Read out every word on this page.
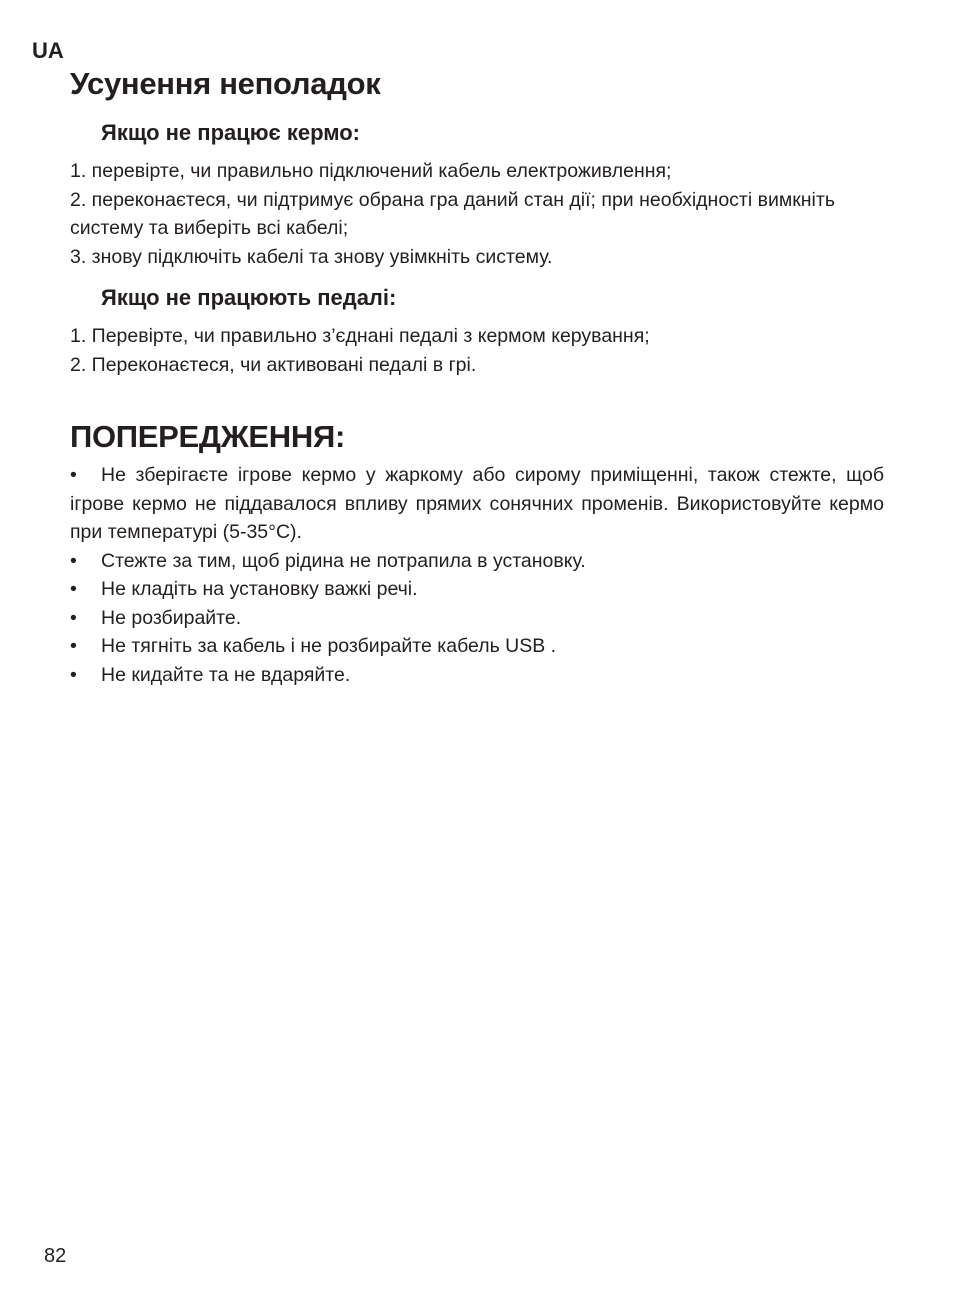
UA
Усунення неполадок
Якщо не працює кермо:

1. перевірте, чи правильно підключений кабель електроживлення;

2. переконаєтеся, чи підтримує обрана гра даний стан дії; при необхідності вимкніть систему та виберіть всі кабелі;

3. знову підключіть кабелі та знову увімкніть систему.

Якщо не працюють педалі:

1. Перевірте, чи правильно з’єднані педалі з кермом керування;

2. Переконаєтеся, чи активовані педалі в грі.

ПОПЕРЕДЖЕННЯ:
•	Не зберігаєте ігрове кермо у жаркому або сирому приміщенні, також стежте, щоб ігрове кермо не піддавалося впливу прямих сонячних променів. Використовуйте кермо при температурі (5-35°C).
•	Стежте за тим, щоб рідина не потрапила в установку.
•	Не кладіть на установку важкі речі.
•	Не розбирайте.
•	Не тягніть за кабель і не розбирайте кабель USB .
•	Не кидайте та не вдаряйте.
82
